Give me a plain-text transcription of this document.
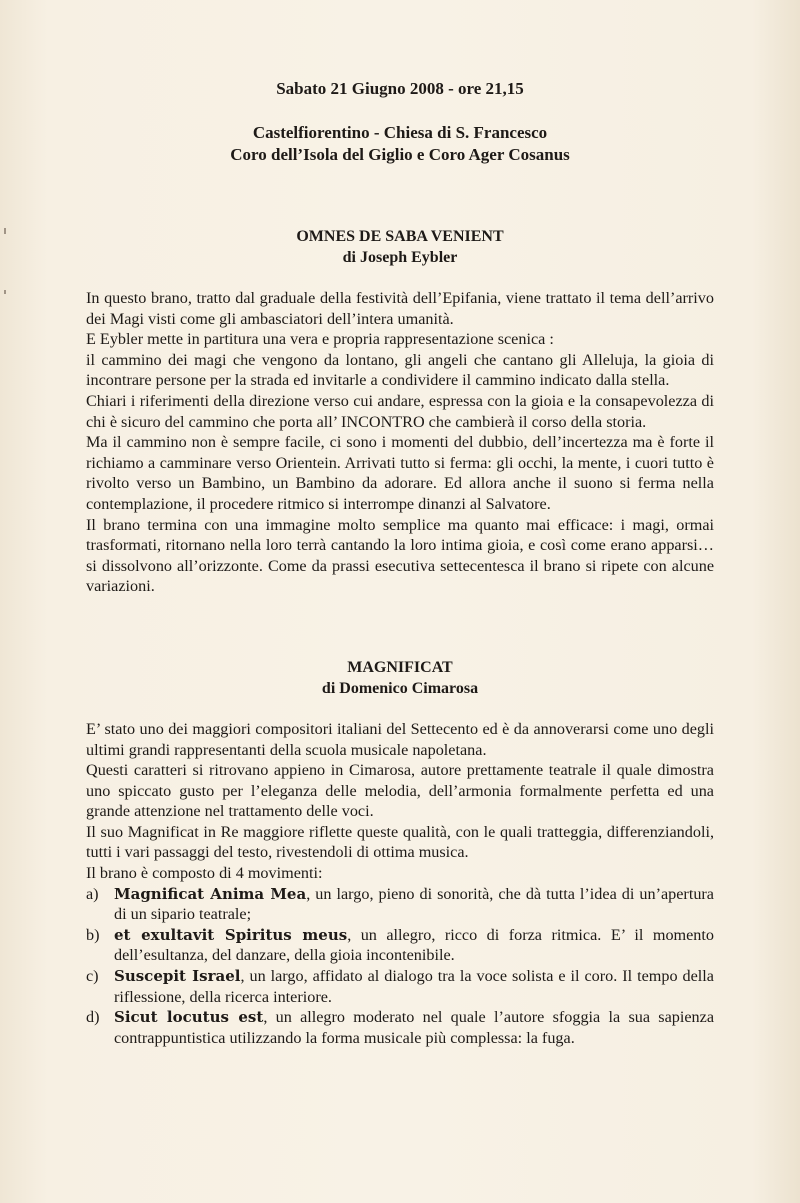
Sabato 21 Giugno 2008 - ore 21,15

Castelfiorentino - Chiesa di S. Francesco

Coro dell’Isola del Giglio e Coro Ager Cosanus

OMNES DE SABA VENIENT

di Joseph Eybler

In questo brano, tratto dal graduale della festività dell’Epifania, viene trattato il tema dell’arrivo dei Magi visti come gli ambasciatori dell’intera umanità.

E Eybler mette in partitura una vera e propria rappresentazione scenica :

il cammino dei magi che vengono da lontano, gli angeli che cantano gli Alleluja, la gioia di incontrare persone per la strada ed invitarle a condividere il cammino indicato dalla stella.

Chiari i riferimenti della direzione verso cui andare, espressa con la gioia e la consapevolezza di chi è sicuro del cammino che porta all’ INCONTRO che cambierà il corso della storia.

Ma il cammino non è sempre facile, ci sono i momenti del dubbio, dell’incertezza ma è forte il richiamo a camminare verso Orientein. Arrivati tutto si ferma: gli occhi, la mente, i cuori tutto è rivolto verso un Bambino, un Bambino da adorare. Ed allora anche il suono si ferma nella contemplazione, il procedere ritmico si interrompe dinanzi al Salvatore.

Il brano termina con una immagine molto semplice ma quanto mai efficace: i magi, ormai trasformati, ritornano nella loro terrà cantando la loro intima gioia, e così come erano apparsi… si dissolvono all’orizzonte. Come da prassi esecutiva settecentesca il brano si ripete con alcune variazioni.

MAGNIFICAT

di Domenico Cimarosa

E’ stato uno dei maggiori compositori italiani del Settecento ed è da annoverarsi come uno degli ultimi grandi rappresentanti della scuola musicale napoletana.

Questi caratteri si ritrovano appieno in Cimarosa, autore prettamente teatrale il quale dimostra uno spiccato gusto per l’eleganza delle melodia, dell’armonia formalmente perfetta ed una grande attenzione nel trattamento delle voci.

Il suo Magnificat in Re maggiore riflette queste qualità, con le quali tratteggia, differenziandoli, tutti i vari passaggi del testo, rivestendoli di ottima musica.

Il brano è composto di 4 movimenti:

a)	Magnificat Anima Mea, un largo, pieno di sonorità, che dà tutta l’idea di un’apertura di un sipario teatrale;
b) et exultavit Spiritus meus, un allegro, ricco di forza ritmica. E’ il momento dell’esultanza, del danzare, della gioia incontenibile.
c)	Suscepit Israel, un largo, affidato al dialogo tra la voce solista e il coro. Il tempo della riflessione, della ricerca interiore.
d) Sicut locutus est, un allegro moderato nel quale l’autore sfoggia la sua sapienza contrappuntistica utilizzando la forma musicale più complessa: la fuga.
